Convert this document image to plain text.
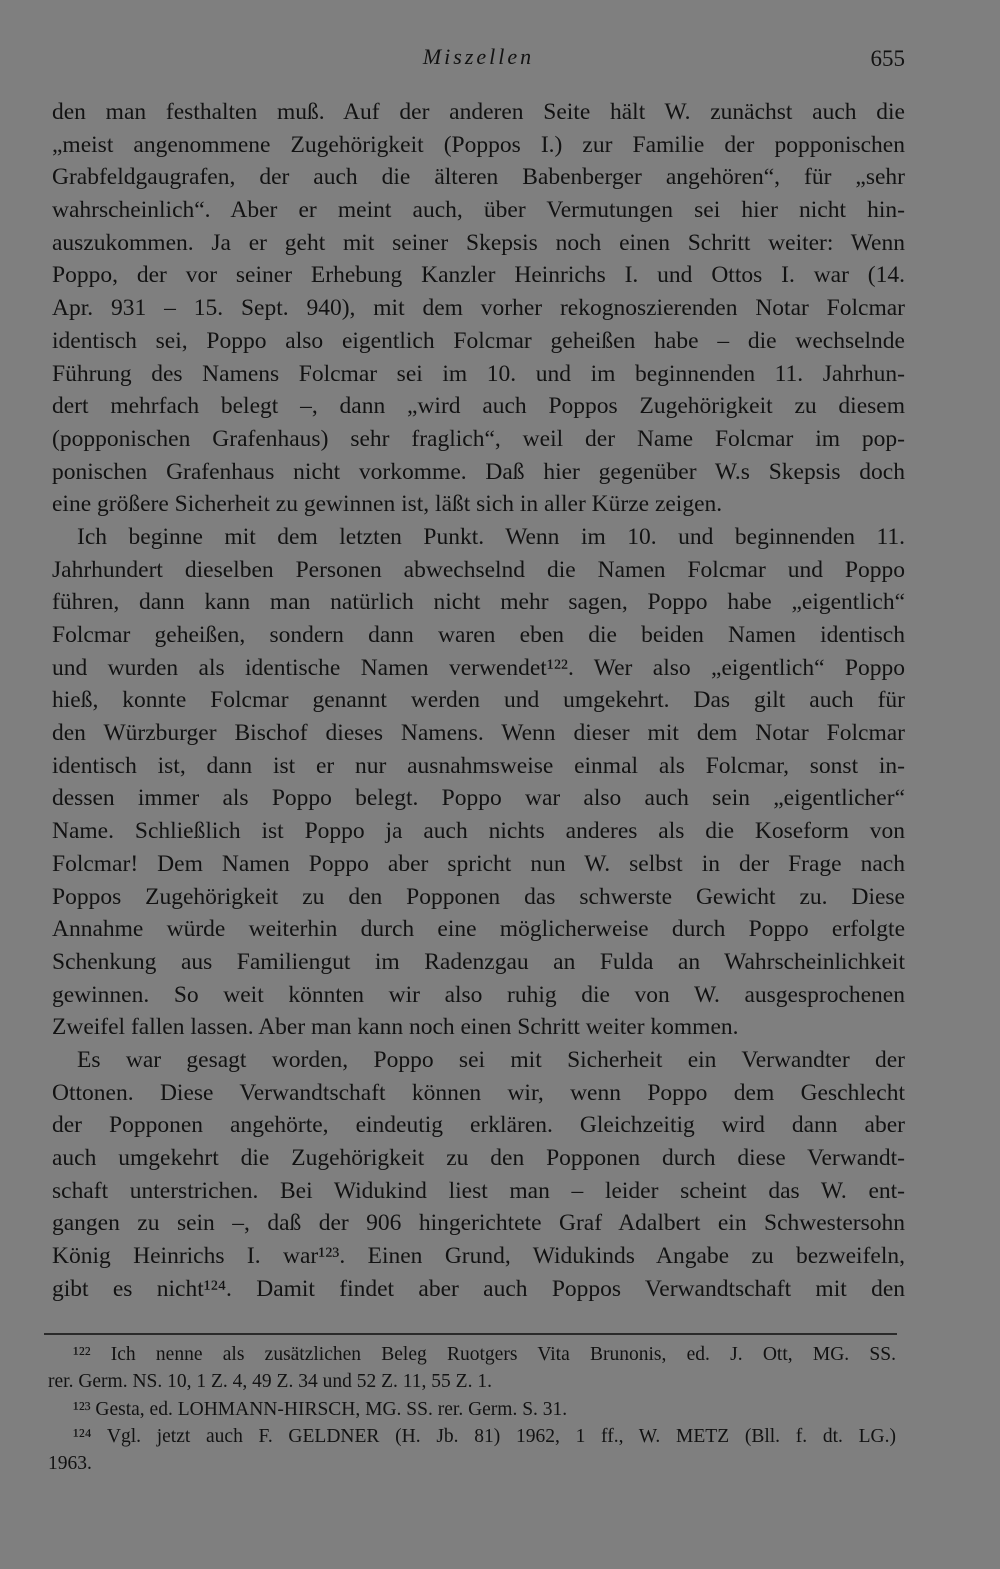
Miszellen	655
den man festhalten muß. Auf der anderen Seite hält W. zunächst auch die
„meist angenommene Zugehörigkeit (Poppos I.) zur Familie der popponischen
Grabfeldgaugrafen, der auch die älteren Babenberger angehören“, für „sehr
wahrscheinlich“. Aber er meint auch, über Vermutungen sei hier nicht hin-
auszukommen. Ja er geht mit seiner Skepsis noch einen Schritt weiter: Wenn
Poppo, der vor seiner Erhebung Kanzler Heinrichs I. und Ottos I. war (14.
Apr. 931 – 15. Sept. 940), mit dem vorher rekognoszierenden Notar Folcmar
identisch sei, Poppo also eigentlich Folcmar geheißen habe – die wechselnde
Führung des Namens Folcmar sei im 10. und im beginnenden 11. Jahrhun-
dert mehrfach belegt –, dann „wird auch Poppos Zugehörigkeit zu diesem
(popponischen Grafenhaus) sehr fraglich“, weil der Name Folcmar im pop-
ponischen Grafenhaus nicht vorkomme. Daß hier gegenüber W.s Skepsis doch
eine größere Sicherheit zu gewinnen ist, läßt sich in aller Kürze zeigen.
Ich beginne mit dem letzten Punkt. Wenn im 10. und beginnenden 11.
Jahrhundert dieselben Personen abwechselnd die Namen Folcmar und Poppo
führen, dann kann man natürlich nicht mehr sagen, Poppo habe „eigentlich“
Folcmar geheißen, sondern dann waren eben die beiden Namen identisch
und wurden als identische Namen verwendet¹²². Wer also „eigentlich“ Poppo
hieß, konnte Folcmar genannt werden und umgekehrt. Das gilt auch für
den Würzburger Bischof dieses Namens. Wenn dieser mit dem Notar Folcmar
identisch ist, dann ist er nur ausnahmsweise einmal als Folcmar, sonst in-
dessen immer als Poppo belegt. Poppo war also auch sein „eigentlicher“
Name. Schließlich ist Poppo ja auch nichts anderes als die Koseform von
Folcmar! Dem Namen Poppo aber spricht nun W. selbst in der Frage nach
Poppos Zugehörigkeit zu den Popponen das schwerste Gewicht zu. Diese
Annahme würde weiterhin durch eine möglicherweise durch Poppo erfolgte
Schenkung aus Familiengut im Radenzgau an Fulda an Wahrscheinlichkeit
gewinnen. So weit könnten wir also ruhig die von W. ausgesprochenen
Zweifel fallen lassen. Aber man kann noch einen Schritt weiter kommen.
Es war gesagt worden, Poppo sei mit Sicherheit ein Verwandter der
Ottonen. Diese Verwandtschaft können wir, wenn Poppo dem Geschlecht
der Popponen angehörte, eindeutig erklären. Gleichzeitig wird dann aber
auch umgekehrt die Zugehörigkeit zu den Popponen durch diese Verwandt-
schaft unterstrichen. Bei Widukind liest man – leider scheint das W. ent-
gangen zu sein –, daß der 906 hingerichtete Graf Adalbert ein Schwestersohn
König Heinrichs I. war¹²³. Einen Grund, Widukinds Angabe zu bezweifeln,
gibt es nicht¹²⁴. Damit findet aber auch Poppos Verwandtschaft mit den
¹²² Ich nenne als zusätzlichen Beleg Ruotgers Vita Brunonis, ed. J. Ott, MG. SS.
rer. Germ. NS. 10, 1 Z. 4, 49 Z. 34 und 52 Z. 11, 55 Z. 1.
¹²³ Gesta, ed. LOHMANN-HIRSCH, MG. SS. rer. Germ. S. 31.
¹²⁴ Vgl. jetzt auch F. GELDNER (H. Jb. 81) 1962, 1 ff., W. METZ (Bll. f. dt. LG.)
1963.
